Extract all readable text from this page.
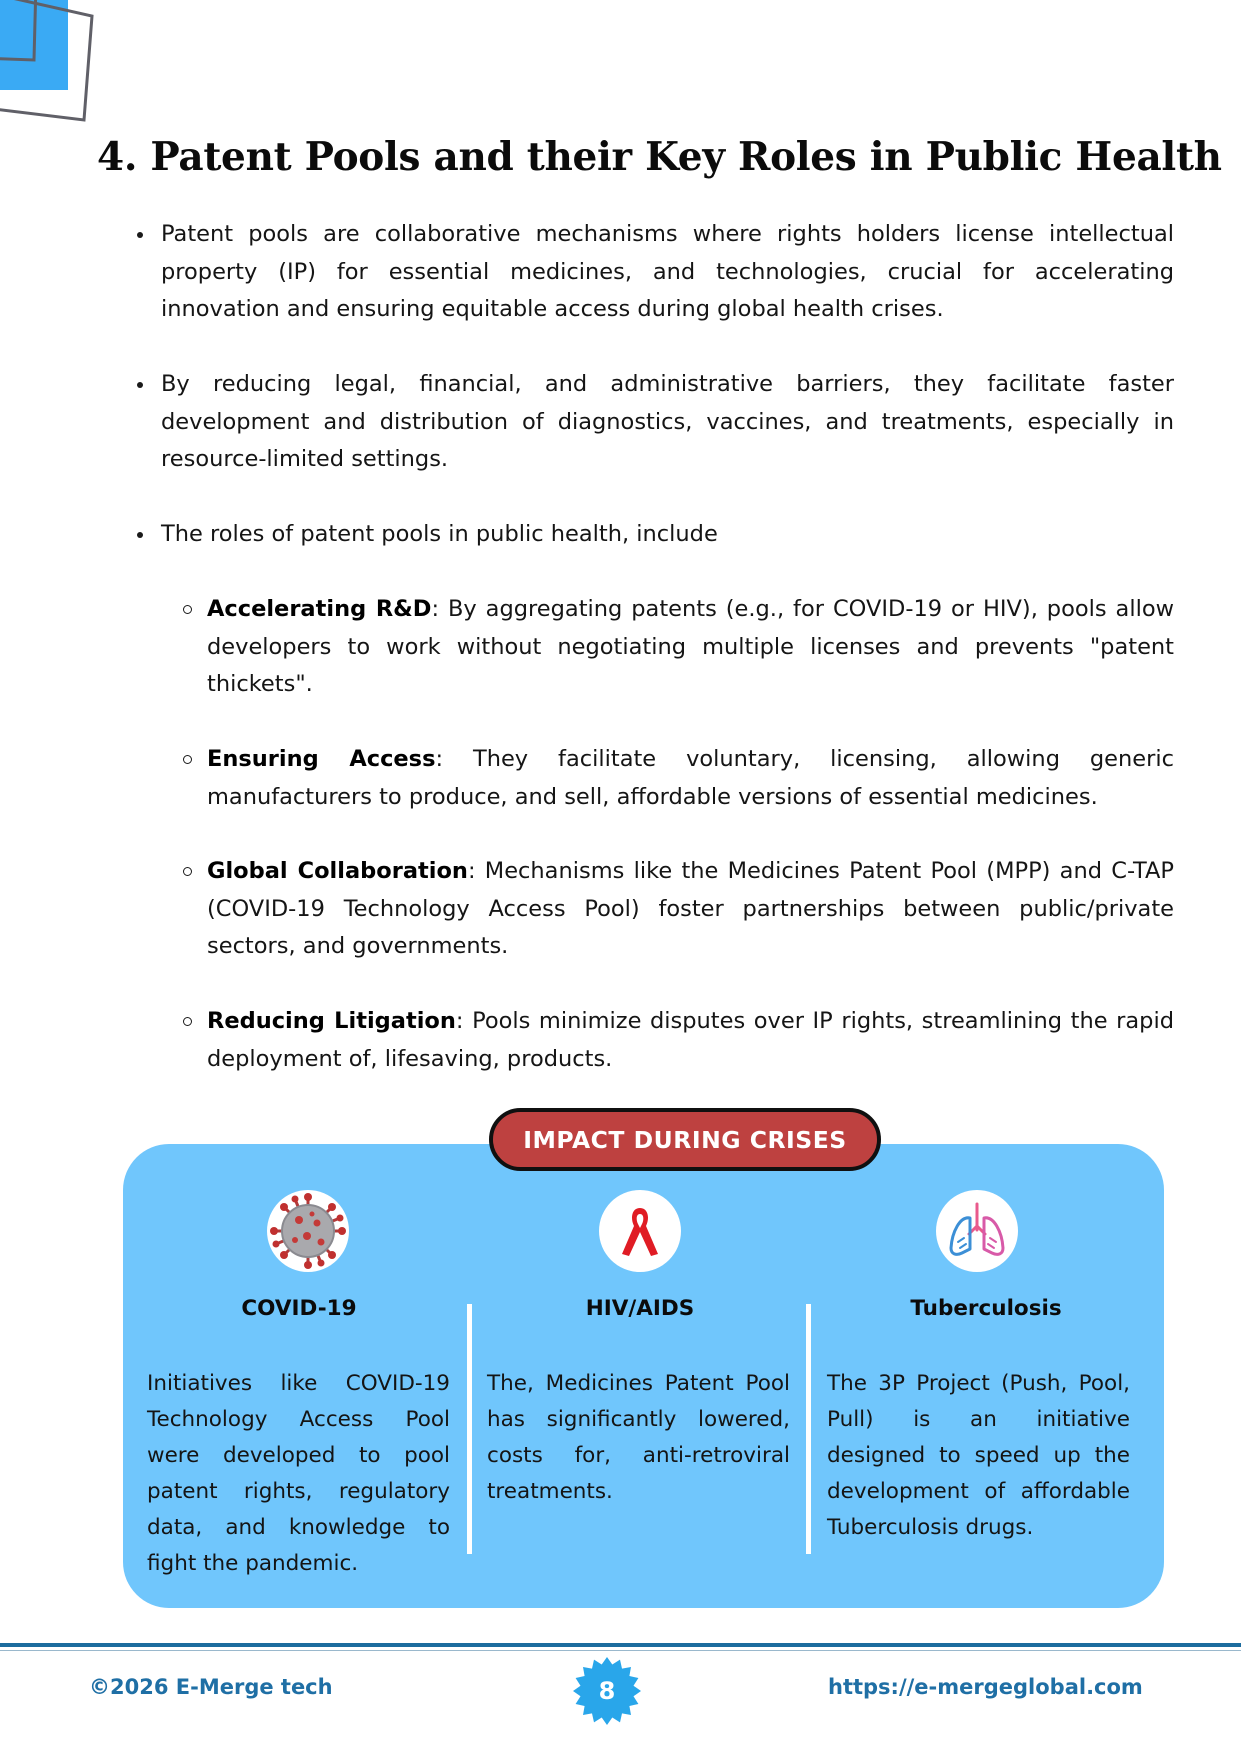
4. Patent Pools and their Key Roles in Public Health

Patent pools are collaborative mechanisms where rights holders license intellectual property (IP) for essential medicines, and technologies, crucial for accelerating innovation and ensuring equitable access during global health crises.

By reducing legal, financial, and administrative barriers, they facilitate faster development and distribution of diagnostics, vaccines, and treatments, especially in resource-limited settings.

The roles of patent pools in public health, include

Accelerating R&D: By aggregating patents (e.g., for COVID-19 or HIV), pools allow developers to work without negotiating multiple licenses and prevents "patent thickets".

Ensuring Access: They facilitate voluntary, licensing, allowing generic manufacturers to produce, and sell, affordable versions of essential medicines.

Global Collaboration: Mechanisms like the Medicines Patent Pool (MPP) and C-TAP (COVID-19 Technology Access Pool) foster partnerships between public/private sectors, and governments.

Reducing Litigation: Pools minimize disputes over IP rights, streamlining the rapid deployment of, lifesaving, products.

IMPACT DURING CRISES
COVID-19	HIV/AIDS	Tuberculosis

Initiatives like COVID-19 Technology Access Pool were developed to pool patent rights, regulatory data, and knowledge to fight the pandemic.

The, Medicines Patent Pool has significantly lowered, costs for, anti-retroviral treatments.

The 3P Project (Push, Pool, Pull) is an initiative designed to speed up the development of affordable Tuberculosis drugs.

©2026 E-Merge tech	8	https://e-mergeglobal.com
